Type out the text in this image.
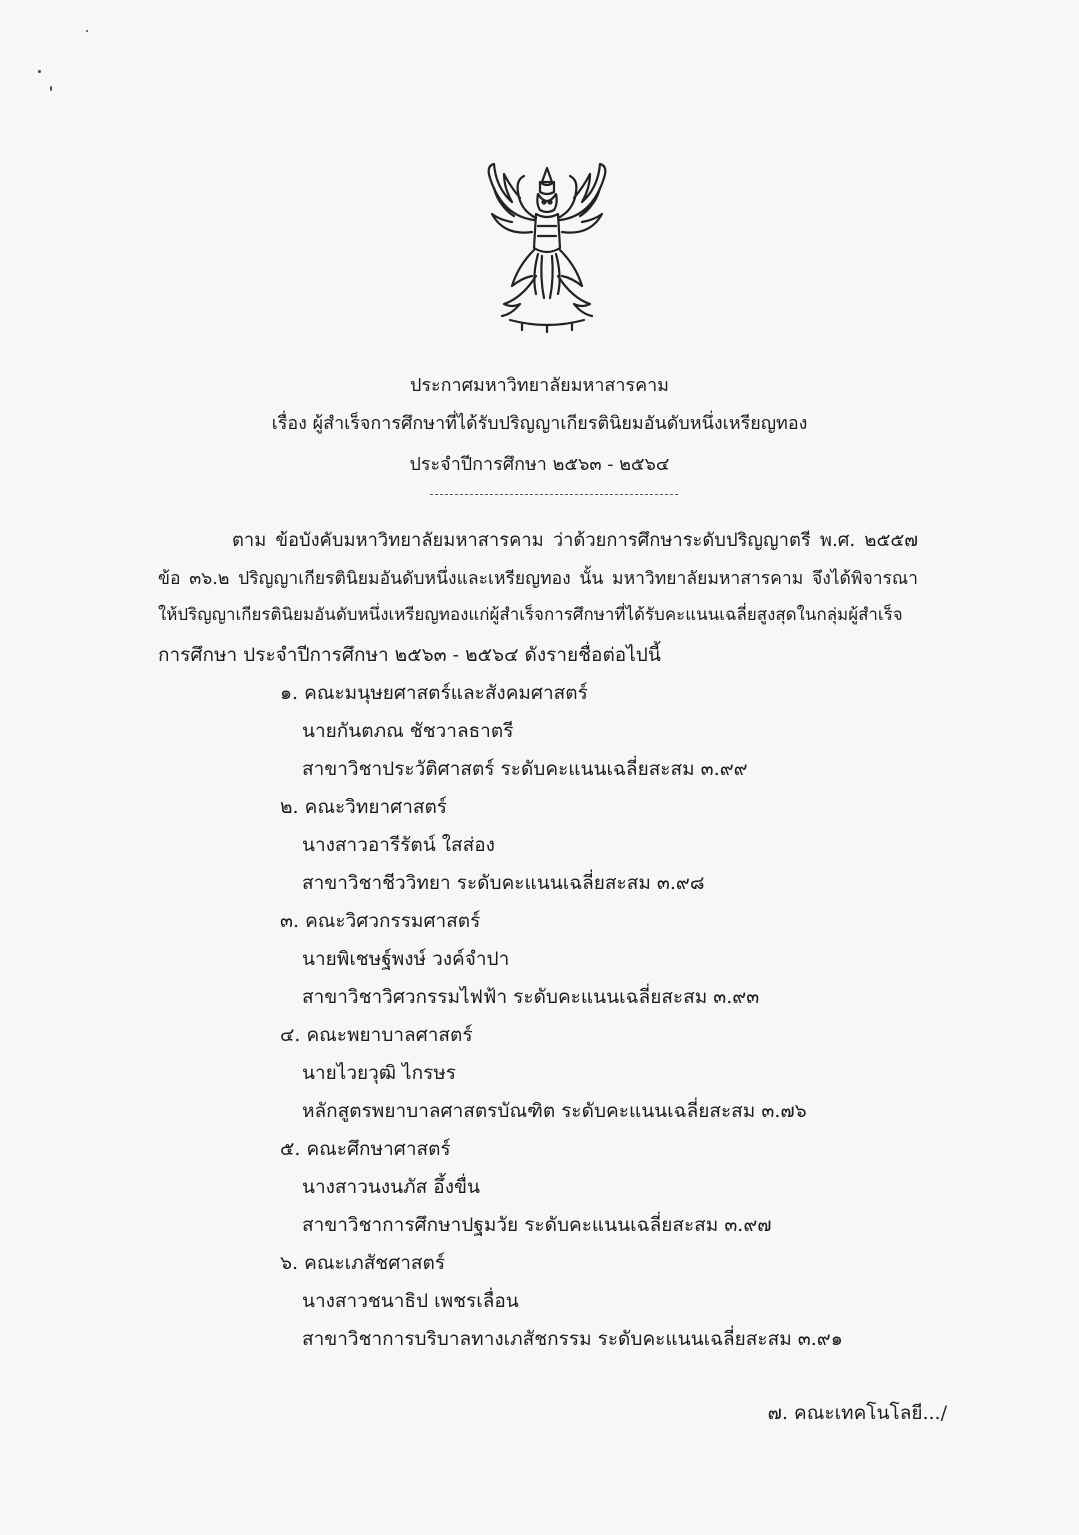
ประกาศมหาวิทยาลัยมหาสารคาม
เรื่อง ผู้สำเร็จการศึกษาที่ได้รับปริญญาเกียรตินิยมอันดับหนึ่งเหรียญทอง
ประจำปีการศึกษา ๒๕๖๓ - ๒๕๖๔
ตาม ข้อบังคับมหาวิทยาลัยมหาสารคาม ว่าด้วยการศึกษาระดับปริญญาตรี พ.ศ. ๒๕๕๗
ข้อ ๓๖.๒ ปริญญาเกียรตินิยมอันดับหนึ่งและเหรียญทอง นั้น มหาวิทยาลัยมหาสารคาม จึงได้พิจารณา
ให้ปริญญาเกียรตินิยมอันดับหนึ่งเหรียญทองแก่ผู้สำเร็จการศึกษาที่ได้รับคะแนนเฉลี่ยสูงสุดในกลุ่มผู้สำเร็จ
การศึกษา ประจำปีการศึกษา ๒๕๖๓ - ๒๕๖๔ ดังรายชื่อต่อไปนี้
๑. คณะมนุษยศาสตร์และสังคมศาสตร์
นายกันตภณ ชัชวาลธาตรี
สาขาวิชาประวัติศาสตร์ ระดับคะแนนเฉลี่ยสะสม ๓.๙๙
๒. คณะวิทยาศาสตร์
นางสาวอารีรัตน์ ใสส่อง
สาขาวิชาชีววิทยา ระดับคะแนนเฉลี่ยสะสม ๓.๙๘
๓. คณะวิศวกรรมศาสตร์
นายพิเชษฐ์พงษ์ วงค์จำปา
สาขาวิชาวิศวกรรมไฟฟ้า ระดับคะแนนเฉลี่ยสะสม ๓.๙๓
๔. คณะพยาบาลศาสตร์
นายไวยวุฒิ ไกรษร
หลักสูตรพยาบาลศาสตรบัณฑิต ระดับคะแนนเฉลี่ยสะสม ๓.๗๖
๕. คณะศึกษาศาสตร์
นางสาวนงนภัส อึ้งขื่น
สาขาวิชาการศึกษาปฐมวัย ระดับคะแนนเฉลี่ยสะสม ๓.๙๗
๖. คณะเภสัชศาสตร์
นางสาวชนาธิป เพชรเลื่อน
สาขาวิชาการบริบาลทางเภสัชกรรม ระดับคะแนนเฉลี่ยสะสม ๓.๙๑
๗. คณะเทคโนโลยี.../
